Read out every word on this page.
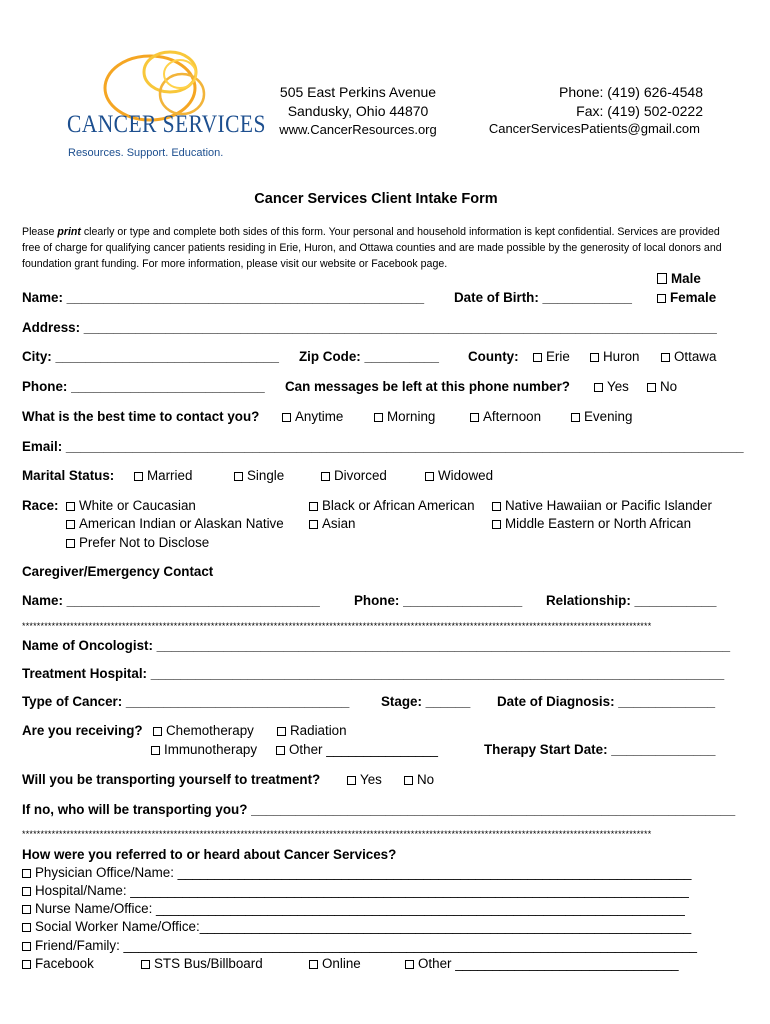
CANCER SERVICES
Resources. Support. Education.
505 East Perkins Avenue
Sandusky, Ohio 44870
www.CancerResources.org
Phone: (419) 626-4548
Fax: (419) 502-0222
CancerServicesPatients@gmail.com
Cancer Services Client Intake Form
Please print clearly or type and complete both sides of this form. Your personal and household information is kept confidential. Services are provided free of charge for qualifying cancer patients residing in Erie, Huron, and Ottawa counties and are made possible by the generosity of local donors and foundation grant funding. For more information, please visit our website or Facebook page.
Name: ________________________________________________ Date of Birth: ____________
Male
Female
Address: _____________________________________________________________________________________
City: ______________________________ Zip Code: __________ County:	Erie	Huron	Ottawa
Phone: __________________________ Can messages be left at this phone number?	Yes	No
What is the best time to contact you?	Anytime	Morning	Afternoon	Evening
Email: ___________________________________________________________________________________________
Marital Status:	Married	Single	Divorced	Widowed
Race:	White or Caucasian	Black or African American	Native Hawaiian or Pacific Islander
American Indian or Alaskan Native	Asian	Middle Eastern or North African
Prefer Not to Disclose
Caregiver/Emergency Contact
Name: __________________________________	Phone: ________________ Relationship: ___________
**************************************************************************************************************************************************************************
Name of Oncologist: _____________________________________________________________________________
Treatment Hospital: _____________________________________________________________________________
Type of Cancer: ______________________________ Stage: ______ Date of Diagnosis: _____________
Are you receiving?	Chemotherapy	Radiation
Immunotherapy	Other _______________	Therapy Start Date: ______________
Will you be transporting yourself to treatment?	Yes	No
If no, who will be transporting you? _________________________________________________________________
**************************************************************************************************************************************************************************
How were you referred to or heard about Cancer Services?
Physician Office/Name: _____________________________________________________________________
Hospital/Name: ___________________________________________________________________________
Nurse Name/Office: _______________________________________________________________________
Social Worker Name/Office:__________________________________________________________________
Friend/Family: _____________________________________________________________________________
Facebook	STS Bus/Billboard	Online	Other ______________________________
